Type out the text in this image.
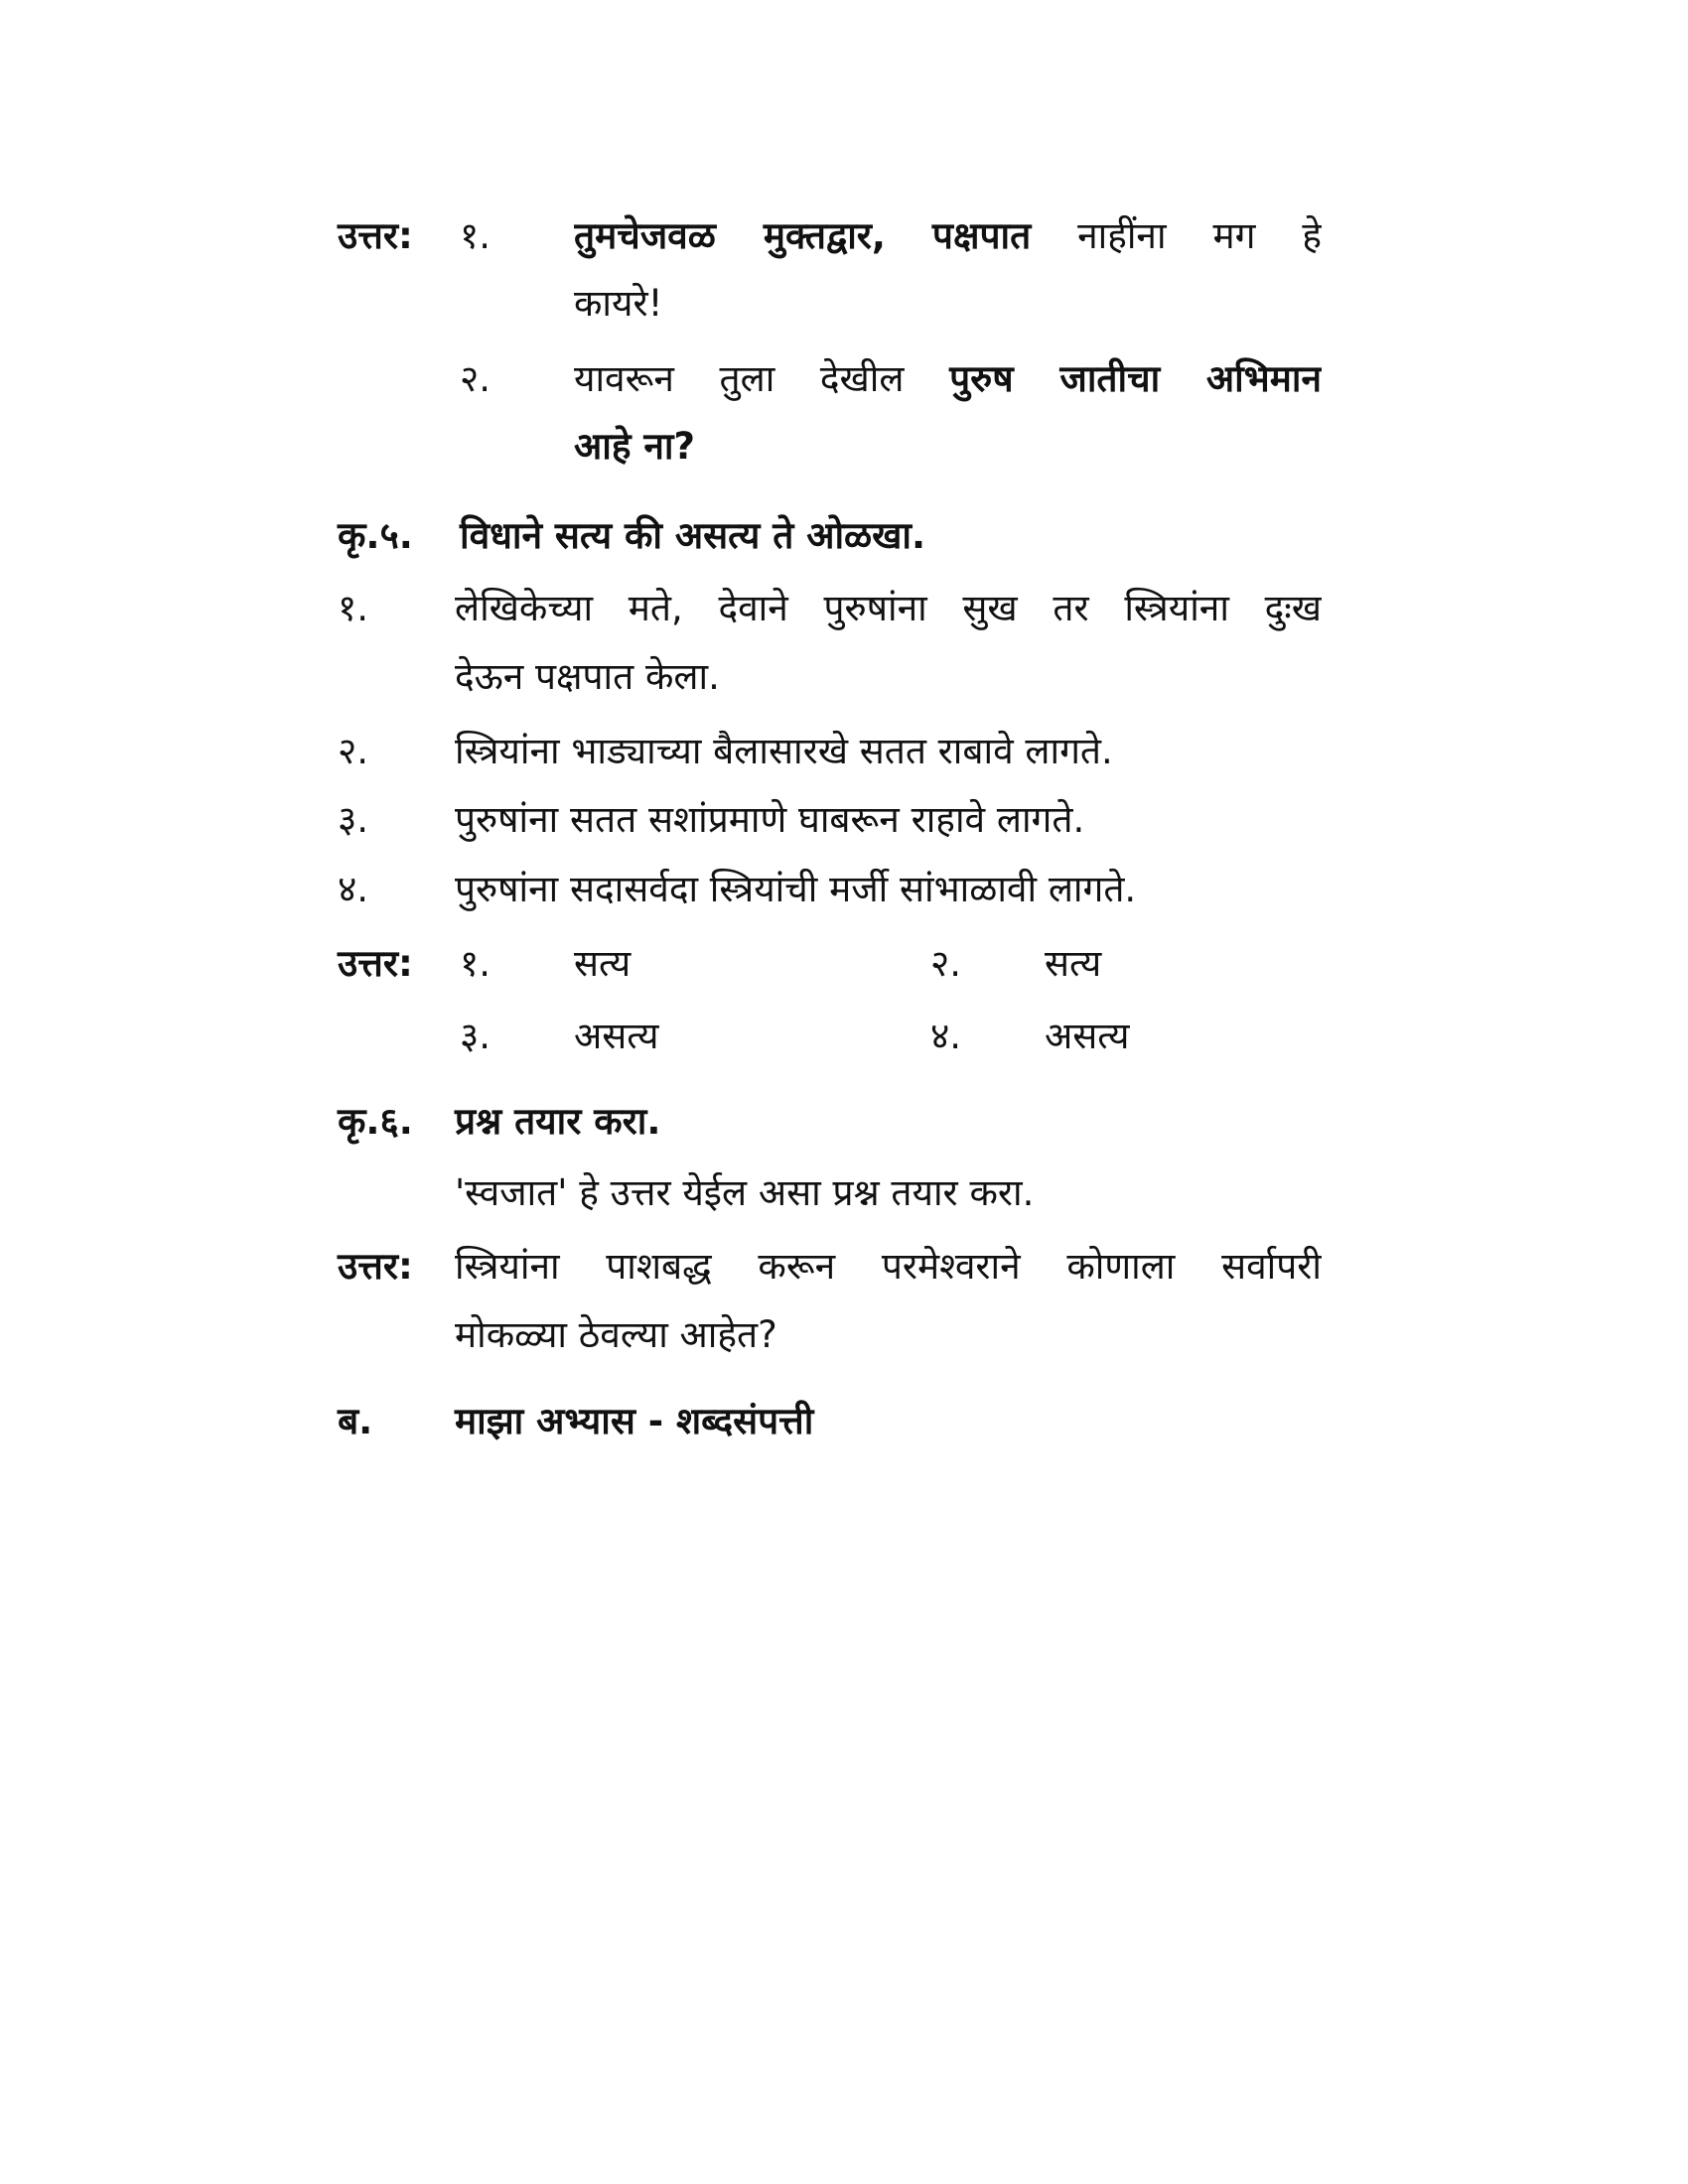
उत्तर: १. तुमचेजवळ मुक्तद्वार, पक्षपात नाहींना मग हे
कायरे!
२. यावरून तुला देखील पुरुष जातीचा अभिमान
आहे ना?
कृ.५. विधाने सत्य की असत्य ते ओळखा.
१. लेखिकेच्या मते, देवाने पुरुषांना सुख तर स्त्रियांना दुःख
देऊन पक्षपात केला.
२. स्त्रियांना भाड्याच्या बैलासारखे सतत राबावे लागते.
३. पुरुषांना सतत सशांप्रमाणे घाबरून राहावे लागते.
४. पुरुषांना सदासर्वदा स्त्रियांची मर्जी सांभाळावी लागते.
उत्तर: १. सत्य	२. सत्य
३. असत्य	४. असत्य
कृ.६. प्रश्न तयार करा.
'स्वजात' हे उत्तर येईल असा प्रश्न तयार करा.
उत्तर: स्त्रियांना पाशबद्ध करून परमेश्वराने कोणाला सर्वापरी
मोकळ्या ठेवल्या आहेत?
ब. माझा अभ्यास - शब्दसंपत्ती
